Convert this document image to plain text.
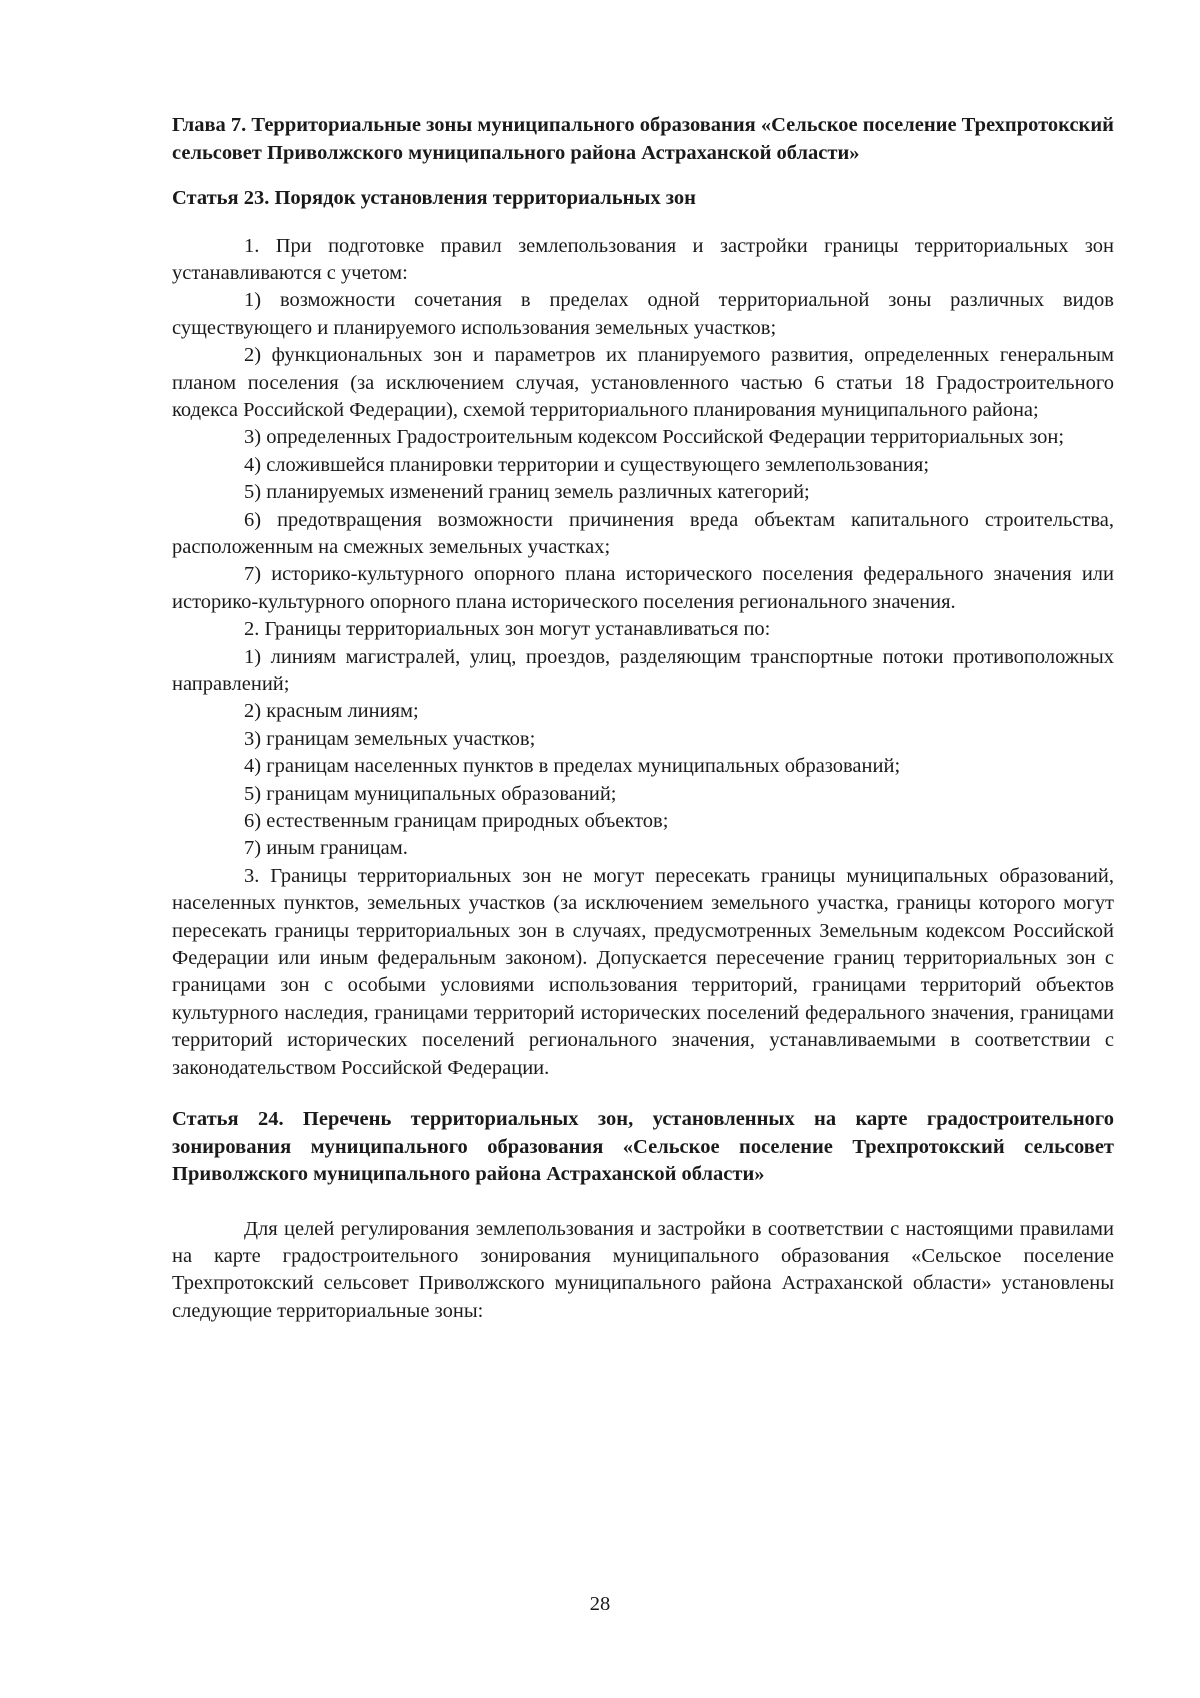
Глава 7. Территориальные зоны муниципального образования «Сельское поселение Трехпротокский сельсовет Приволжского муниципального района Астраханской области»

Статья 23. Порядок установления территориальных зон

1. При подготовке правил землепользования и застройки границы территориальных зон устанавливаются с учетом:

1) возможности сочетания в пределах одной территориальной зоны различных видов существующего и планируемого использования земельных участков;

2) функциональных зон и параметров их планируемого развития, определенных генеральным планом поселения (за исключением случая, установленного частью 6 статьи 18 Градостроительного кодекса Российской Федерации), схемой территориального планирования муниципального района;

3) определенных Градостроительным кодексом Российской Федерации территориальных зон;

4) сложившейся планировки территории и существующего землепользования;

5) планируемых изменений границ земель различных категорий;

6) предотвращения возможности причинения вреда объектам капитального строительства, расположенным на смежных земельных участках;

7) историко-культурного опорного плана исторического поселения федерального значения или историко-культурного опорного плана исторического поселения регионального значения.

2. Границы территориальных зон могут устанавливаться по:

1) линиям магистралей, улиц, проездов, разделяющим транспортные потоки противоположных направлений;

2) красным линиям;

3) границам земельных участков;

4) границам населенных пунктов в пределах муниципальных образований;

5) границам муниципальных образований;

6) естественным границам природных объектов;

7) иным границам.

3. Границы территориальных зон не могут пересекать границы муниципальных образований, населенных пунктов, земельных участков (за исключением земельного участка, границы которого могут пересекать границы территориальных зон в случаях, предусмотренных Земельным кодексом Российской Федерации или иным федеральным законом). Допускается пересечение границ территориальных зон с границами зон с особыми условиями использования территорий, границами территорий объектов культурного наследия, границами территорий исторических поселений федерального значения, границами территорий исторических поселений регионального значения, устанавливаемыми в соответствии с законодательством Российской Федерации.

Статья 24. Перечень территориальных зон, установленных на карте градостроительного зонирования муниципального образования «Сельское поселение Трехпротокский сельсовет Приволжского муниципального района Астраханской области»

Для целей регулирования землепользования и застройки в соответствии с настоящими правилами на карте градостроительного зонирования муниципального образования «Сельское поселение Трехпротокский сельсовет Приволжского муниципального района Астраханской области» установлены следующие территориальные зоны:

28
